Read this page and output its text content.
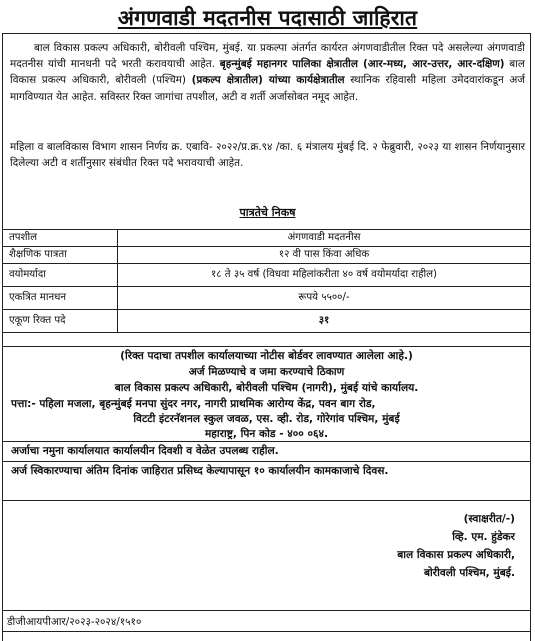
अंगणवाडी मदतनीस पदासाठी जाहिरात
बाल विकास प्रकल्प अधिकारी, बोरीवली पश्चिम, मुंबई. या प्रकल्पा अंतर्गत कार्यरत अंगणवाडीतील रिक्त पदे असलेल्या अंगणवाडी मदतनीस यांची मानधनी पदे भरती करावयाची आहेत. बृहन्मुंबई महानगर पालिका क्षेत्रातील (आर-मध्य, आर-उत्तर, आर-दक्षिण) बाल विकास प्रकल्प अधिकारी, बोरीवली (पश्चिम) (प्रकल्प क्षेत्रातील) यांच्या कार्यक्षेत्रातील स्थानिक रहिवासी महिला उमेदवारांकडून अर्ज मागविण्यात येत आहेत. सविस्तर रिक्त जागांचा तपशील, अटी व शर्ती अर्जासोबत नमूद आहेत.
महिला व बालविकास विभाग शासन निर्णय क्र. एबावि- २०२२/प्र.क्र.९४ /का. ६ मंत्रालय मुंबई दि. २ फेब्रुवारी, २०२३ या शासन निर्णयानुसार दिलेल्या अटी व शर्तीनुसार संबंधीत रिक्त पदे भरावयाची आहेत.
पात्रतेचे निकष
तपशील	अंगणवाडी मदतनीस
शैक्षणिक पात्रता	१२ वी पास किंवा अधिक
वयोमर्यादा	१८ ते ३५ वर्ष (विधवा महिलांकरीता ४० वर्ष वयोमर्यादा राहील)
एकत्रित मानधन	रूपये ५५००/-
एकूण रिक्त पदे	३१
(रिक्त पदाचा तपशील कार्यालयाच्या नोटीस बोर्डवर लावण्यात आलेला आहे.)
अर्ज मिळण्याचे व जमा करण्याचे ठिकाण
बाल विकास प्रकल्प अधिकारी, बोरीवली पश्चिम (नागरी), मुंबई यांचे कार्यालय.
पत्ता:- पहिला मजला, बृहन्मुंबई मनपा सुंदर नगर, नागरी प्राथमिक आरोग्य केंद्र, पवन बाग रोड,
विटटी इंटरनॅशनल स्कुल जवळ, एस. व्ही. रोड, गोरेगांव पश्चिम, मुंबई
महाराष्ट्र, पिन कोड - ४०० ०६४.
अर्जाचा नमुना कार्यालयात कार्यालयीन दिवशी व वेळेत उपलब्ध राहील.
अर्ज स्विकारण्याचा अंतिम दिनांक जाहिरात प्रसिध्द केल्यापासून १० कार्यालयीन कामकाजाचे दिवस.
(स्वाक्षरीत/-)
व्हि. एम. हुंडेकर
बाल विकास प्रकल्प अधिकारी,
बोरीवली पश्चिम, मुंबई.
डीजीआयपीआर/२०२३-२०२४/१५१०
